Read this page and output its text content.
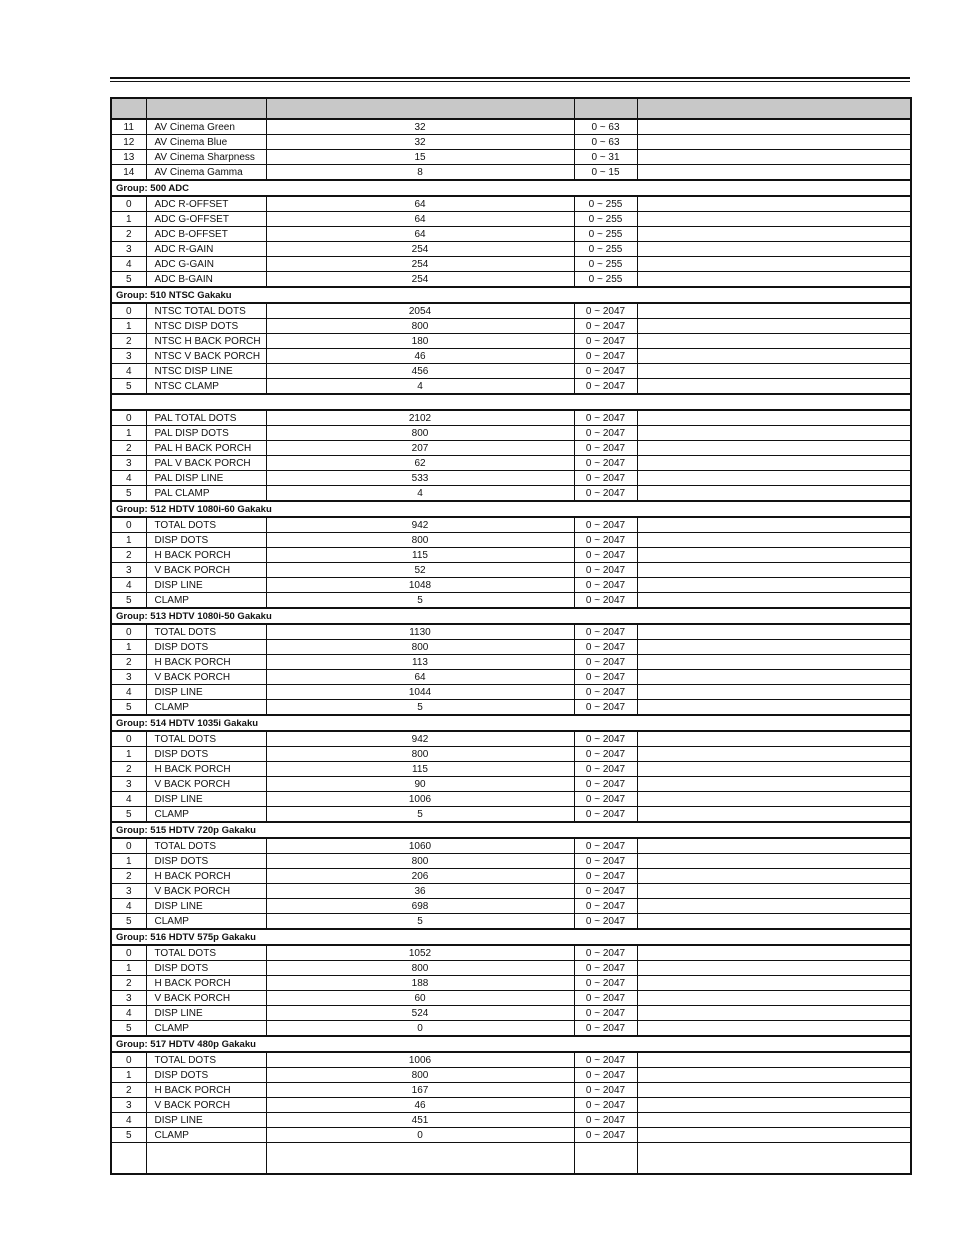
11	AV Cinema Green	32	0 ~ 63	
12	AV Cinema Blue	32	0 ~ 63	
13	AV Cinema Sharpness	15	0 ~ 31	
14	AV Cinema Gamma	8	0 ~ 15	
Group: 500 ADC				
0	ADC R-OFFSET	64	0 ~ 255	
1	ADC G-OFFSET	64	0 ~ 255	
2	ADC B-OFFSET	64	0 ~ 255	
3	ADC R-GAIN	254	0 ~ 255	
4	ADC G-GAIN	254	0 ~ 255	
5	ADC B-GAIN	254	0 ~ 255	
Group: 510 NTSC Gakaku				
0	NTSC TOTAL DOTS	2054	0 ~ 2047	
1	NTSC DISP DOTS	800	0 ~ 2047	
2	NTSC H BACK PORCH	180	0 ~ 2047	
3	NTSC V BACK PORCH	46	0 ~ 2047	
4	NTSC DISP LINE	456	0 ~ 2047	
5	NTSC CLAMP	4	0 ~ 2047	

0	PAL TOTAL DOTS	2102	0 ~ 2047	
1	PAL DISP DOTS	800	0 ~ 2047	
2	PAL H BACK PORCH	207	0 ~ 2047	
3	PAL V BACK PORCH	62	0 ~ 2047	
4	PAL DISP LINE	533	0 ~ 2047	
5	PAL CLAMP	4	0 ~ 2047	
Group: 512 HDTV 1080i-60 Gakaku				
0	TOTAL DOTS	942	0 ~ 2047	
1	DISP DOTS	800	0 ~ 2047	
2	H BACK PORCH	115	0 ~ 2047	
3	V BACK PORCH	52	0 ~ 2047	
4	DISP LINE	1048	0 ~ 2047	
5	CLAMP	5	0 ~ 2047	
Group: 513 HDTV 1080i-50 Gakaku				
0	TOTAL DOTS	1130	0 ~ 2047	
1	DISP DOTS	800	0 ~ 2047	
2	H BACK PORCH	113	0 ~ 2047	
3	V BACK PORCH	64	0 ~ 2047	
4	DISP LINE	1044	0 ~ 2047	
5	CLAMP	5	0 ~ 2047	
Group: 514 HDTV 1035i Gakaku				
0	TOTAL DOTS	942	0 ~ 2047	
1	DISP DOTS	800	0 ~ 2047	
2	H BACK PORCH	115	0 ~ 2047	
3	V BACK PORCH	90	0 ~ 2047	
4	DISP LINE	1006	0 ~ 2047	
5	CLAMP	5	0 ~ 2047	
Group: 515 HDTV 720p Gakaku				
0	TOTAL DOTS	1060	0 ~ 2047	
1	DISP DOTS	800	0 ~ 2047	
2	H BACK PORCH	206	0 ~ 2047	
3	V BACK PORCH	36	0 ~ 2047	
4	DISP LINE	698	0 ~ 2047	
5	CLAMP	5	0 ~ 2047	
Group: 516 HDTV 575p Gakaku				
0	TOTAL DOTS	1052	0 ~ 2047	
1	DISP DOTS	800	0 ~ 2047	
2	H BACK PORCH	188	0 ~ 2047	
3	V BACK PORCH	60	0 ~ 2047	
4	DISP LINE	524	0 ~ 2047	
5	CLAMP	0	0 ~ 2047	
Group: 517 HDTV 480p Gakaku				
0	TOTAL DOTS	1006	0 ~ 2047	
1	DISP DOTS	800	0 ~ 2047	
2	H BACK PORCH	167	0 ~ 2047	
3	V BACK PORCH	46	0 ~ 2047	
4	DISP LINE	451	0 ~ 2047	
5	CLAMP	0	0 ~ 2047	
